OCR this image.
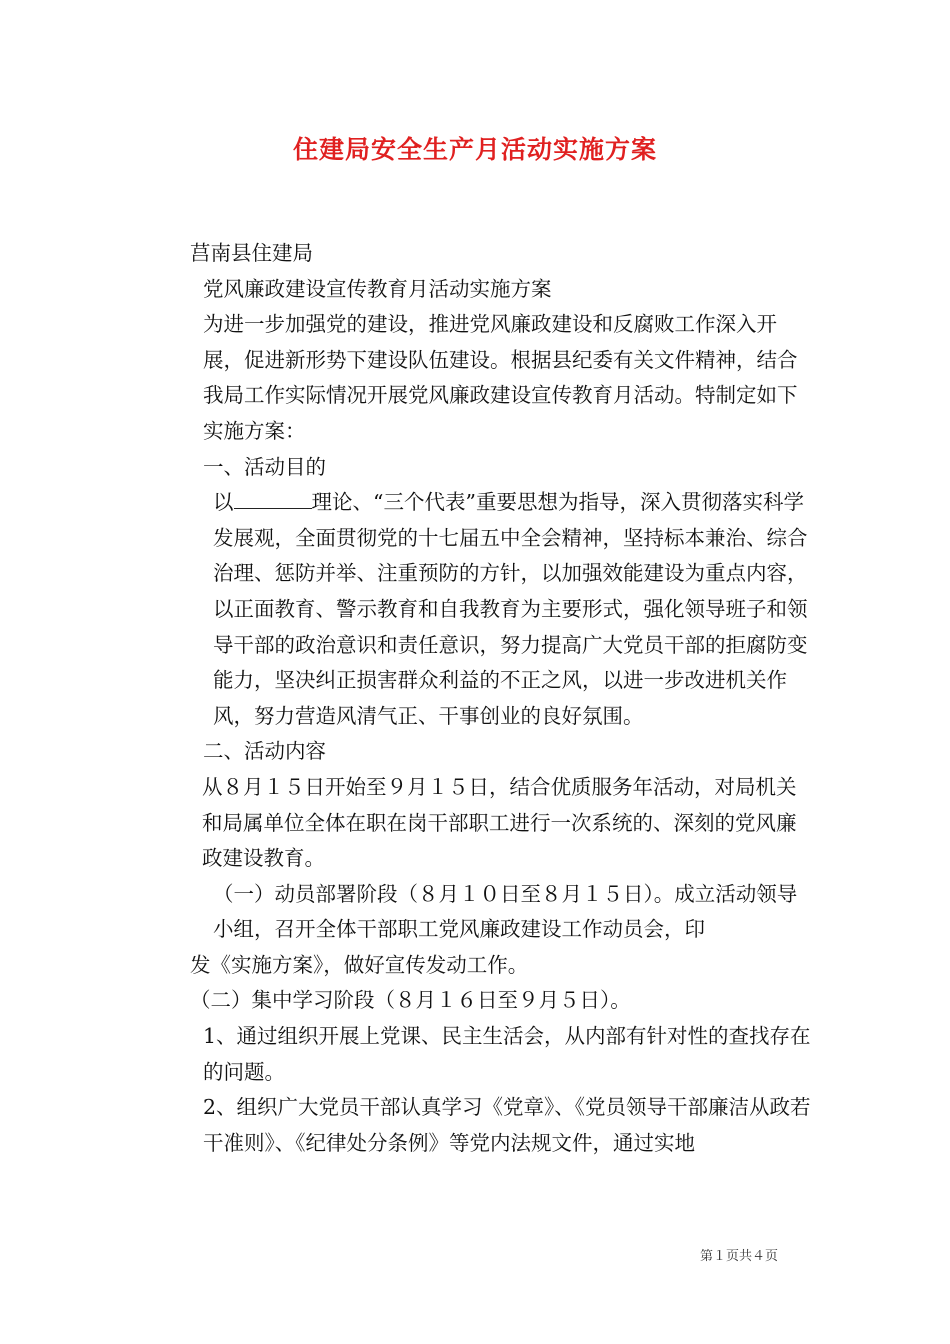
住建局安全生产月活动实施方案

莒南县住建局

党风廉政建设宣传教育月活动实施方案

为进一步加强党的建设，推进党风廉政建设和反腐败工作深入开展，促进新形势下建设队伍建设。根据县纪委有关文件精神，结合我局工作实际情况开展党风廉政建设宣传教育月活动。特制定如下实施方案：

一、活动目的

以	理论、“三个代表”重要思想为指导，深入贯彻落实科学发展观，全面贯彻党的十七届五中全会精神，坚持标本兼治、综合治理、惩防并举、注重预防的方针，以加强效能建设为重点内容，以正面教育、警示教育和自我教育为主要形式，强化领导班子和领导干部的政治意识和责任意识，努力提高广大党员干部的拒腐防变能力，坚决纠正损害群众利益的不正之风，以进一步改进机关作风，努力营造风清气正、干事创业的良好氛围。

二、活动内容

从８月１５日开始至９月１５日，结合优质服务年活动，对局机关和局属单位全体在职在岗干部职工进行一次系统的、深刻的党风廉政建设教育。

（一）动员部署阶段（８月１０日至８月１５日）。成立活动领导小组，召开全体干部职工党风廉政建设工作动员会，印

发《实施方案》，做好宣传发动工作。

（二）集中学习阶段（８月１６日至９月５日）。

1、通过组织开展上党课、民主生活会，从内部有针对性的查找存在的问题。

2、组织广大党员干部认真学习《党章》、《党员领导干部廉洁从政若干准则》、《纪律处分条例》等党内法规文件，通过实地

第１页共４页
